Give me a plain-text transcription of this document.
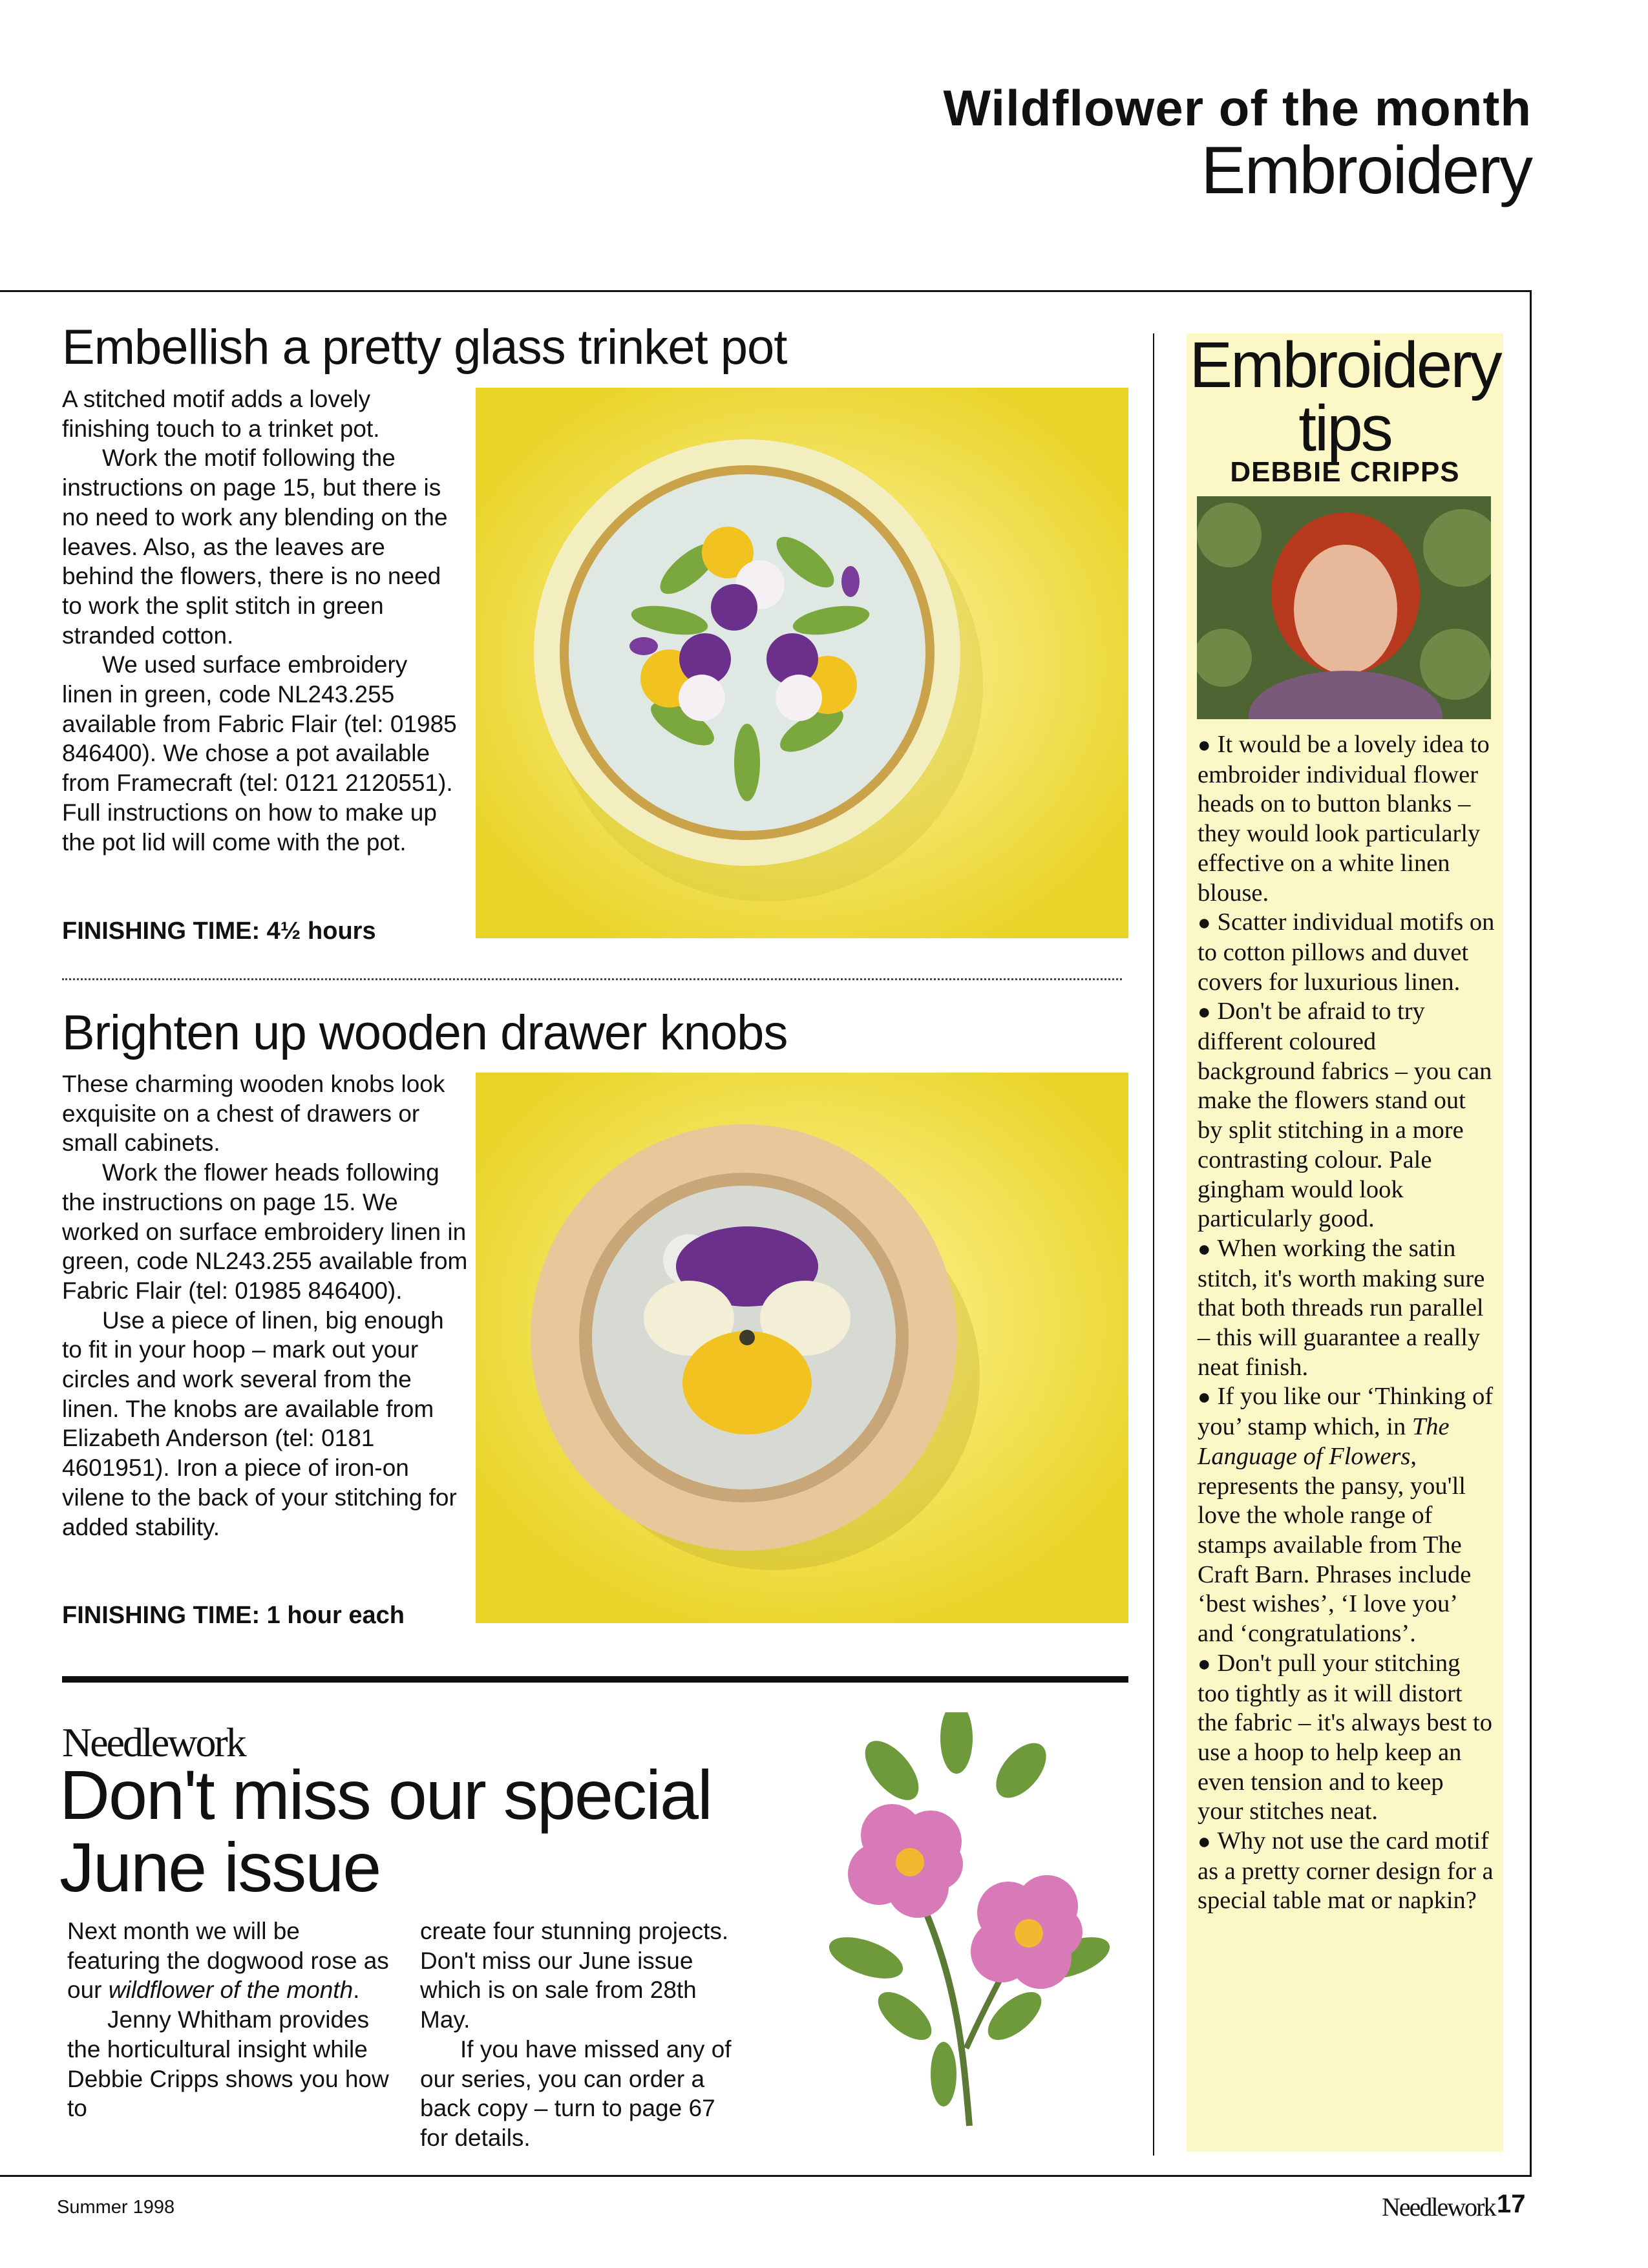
Wildflower of the month
Embroidery
Embellish a pretty glass trinket pot

A stitched motif adds a lovely finishing touch to a trinket pot.

Work the motif following the instructions on page 15, but there is no need to work any blending on the leaves. Also, as the leaves are behind the flowers, there is no need to work the split stitch in green stranded cotton.

We used surface embroidery linen in green, code NL243.255 available from Fabric Flair (tel: 01985 846400). We chose a pot available from Framecraft (tel: 0121 2120551). Full instructions on how to make up the pot lid will come with the pot.

FINISHING TIME: 4½ hours
Brighten up wooden drawer knobs

These charming wooden knobs look exquisite on a chest of drawers or small cabinets.

Work the flower heads following the instructions on page 15. We worked on surface embroidery linen in green, code NL243.255 available from Fabric Flair (tel: 01985 846400).

Use a piece of linen, big enough to fit in your hoop – mark out your circles and work several from the linen. The knobs are available from Elizabeth Anderson (tel: 0181 4601951). Iron a piece of iron-on vilene to the back of your stitching for added stability.

FINISHING TIME: 1 hour each
Needlework
Don't miss our special June issue

Next month we will be featuring the dogwood rose as our wildflower of the month.

Jenny Whitham provides the horticultural insight while Debbie Cripps shows you how to

create four stunning projects. Don't miss our June issue which is on sale from 28th May.

If you have missed any of our series, you can order a back copy – turn to page 67 for details.

Embroidery
tips
DEBBIE CRIPPS
● It would be a lovely idea to embroider individual flower heads on to button blanks – they would look particularly effective on a white linen blouse.
● Scatter individual motifs on to cotton pillows and duvet covers for luxurious linen.
● Don't be afraid to try different coloured background fabrics – you can make the flowers stand out by split stitching in a more contrasting colour. Pale gingham would look particularly good.
● When working the satin stitch, it's worth making sure that both threads run parallel – this will guarantee a really neat finish.
● If you like our ‘Thinking of you’ stamp which, in The Language of Flowers, represents the pansy, you'll love the whole range of stamps available from The Craft Barn. Phrases include ‘best wishes’, ‘I love you’ and ‘congratulations’.
● Don't pull your stitching too tightly as it will distort the fabric – it's always best to use a hoop to help keep an even tension and to keep your stitches neat.
● Why not use the card motif as a pretty corner design for a special table mat or napkin?
Summer 1998	Needlework 17
